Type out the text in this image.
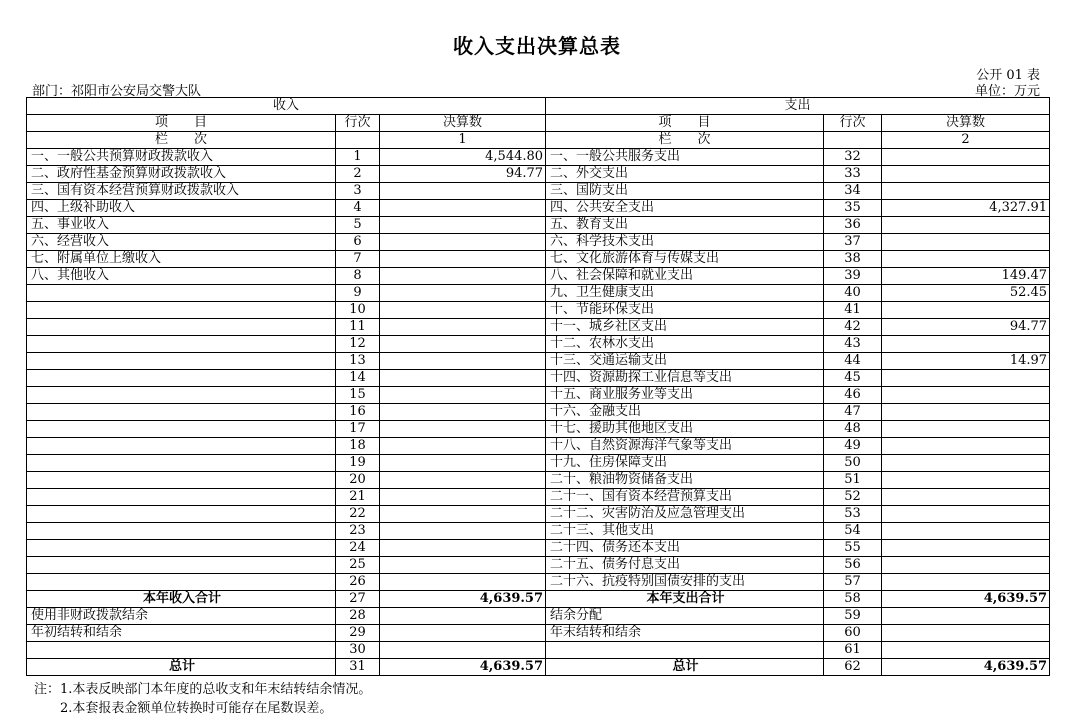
收入支出决算总表
公开 01 表
部门：祁阳市公安局交警大队	单位：万元
收入			支出		
项　　目	行次	决算数	项　　目	行次	决算数
栏　　次		1	栏　　次		2
一、一般公共预算财政拨款收入	1	4,544.80	一、一般公共服务支出	32	
二、政府性基金预算财政拨款收入	2	94.77	二、外交支出	33	
三、国有资本经营预算财政拨款收入	3		三、国防支出	34	
四、上级补助收入	4		四、公共安全支出	35	4,327.91
五、事业收入	5		五、教育支出	36	
六、经营收入	6		六、科学技术支出	37	
七、附属单位上缴收入	7		七、文化旅游体育与传媒支出	38	
八、其他收入	8		八、社会保障和就业支出	39	149.47
	9		九、卫生健康支出	40	52.45
	10		十、节能环保支出	41	
	11		十一、城乡社区支出	42	94.77
	12		十二、农林水支出	43	
	13		十三、交通运输支出	44	14.97
	14		十四、资源勘探工业信息等支出	45	
	15		十五、商业服务业等支出	46	
	16		十六、金融支出	47	
	17		十七、援助其他地区支出	48	
	18		十八、自然资源海洋气象等支出	49	
	19		十九、住房保障支出	50	
	20		二十、粮油物资储备支出	51	
	21		二十一、国有资本经营预算支出	52	
	22		二十二、灾害防治及应急管理支出	53	
	23		二十三、其他支出	54	
	24		二十四、债务还本支出	55	
	25		二十五、债务付息支出	56	
	26		二十六、抗疫特别国债安排的支出	57	
本年收入合计	27	4,639.57	本年支出合计	58	4,639.57
使用非财政拨款结余	28		结余分配	59	
年初结转和结余	29		年末结转和结余	60	
	30			61	
总计	31	4,639.57	总计	62	4,639.57
注：1.本表反映部门本年度的总收支和年末结转结余情况。
2.本套报表金额单位转换时可能存在尾数误差。
